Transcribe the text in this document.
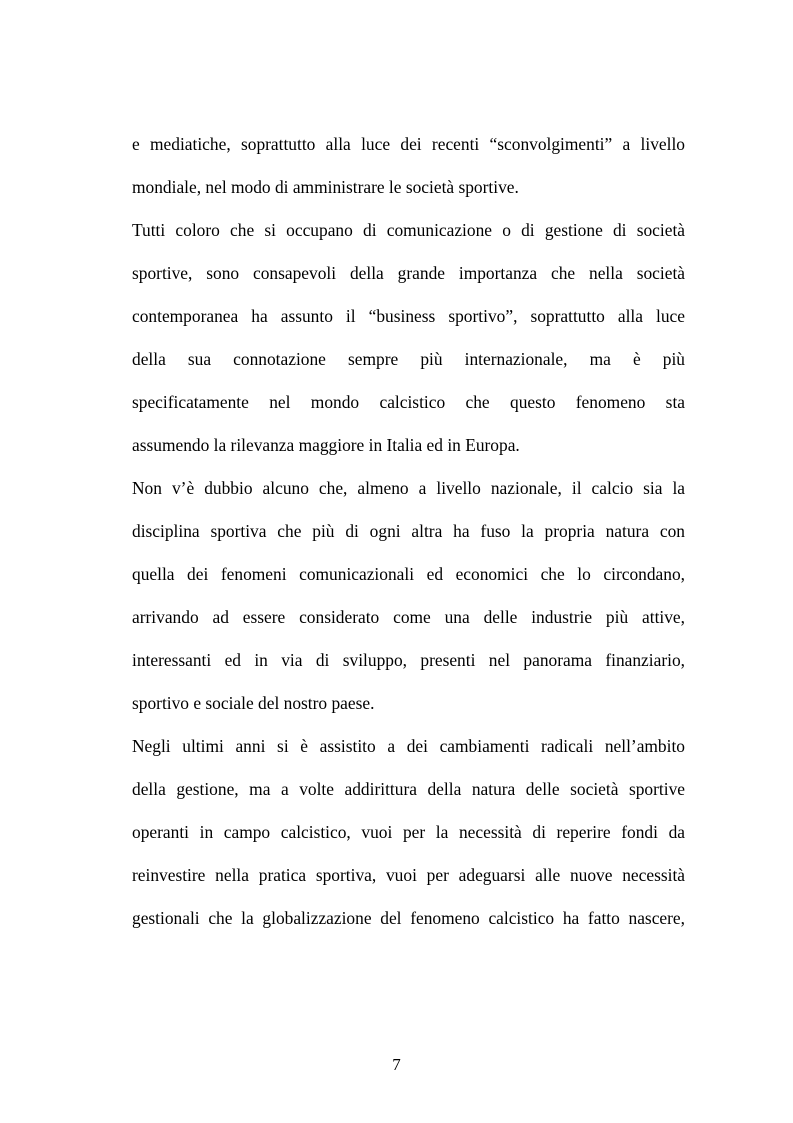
e mediatiche, soprattutto alla luce dei recenti “sconvolgimenti” a livello
mondiale, nel modo di amministrare le società sportive.
Tutti coloro che si occupano di comunicazione o di gestione di società
sportive, sono consapevoli della grande importanza che nella società
contemporanea ha assunto il “business sportivo”, soprattutto alla luce
della sua connotazione sempre più internazionale, ma è più
specificatamente nel mondo calcistico che questo fenomeno sta
assumendo la rilevanza maggiore in Italia ed in Europa.
Non v’è dubbio alcuno che, almeno a livello nazionale, il calcio sia la
disciplina sportiva che più di ogni altra ha fuso la propria natura con
quella dei fenomeni comunicazionali ed economici che lo circondano,
arrivando ad essere considerato come una delle industrie più attive,
interessanti ed in via di sviluppo, presenti nel panorama finanziario,
sportivo e sociale del nostro paese.
Negli ultimi anni si è assistito a dei cambiamenti radicali nell’ambito
della gestione, ma a volte addirittura della natura delle società sportive
operanti in campo calcistico, vuoi per la necessità di reperire fondi da
reinvestire nella pratica sportiva, vuoi per adeguarsi alle nuove necessità
gestionali che la globalizzazione del fenomeno calcistico ha fatto nascere,
7
